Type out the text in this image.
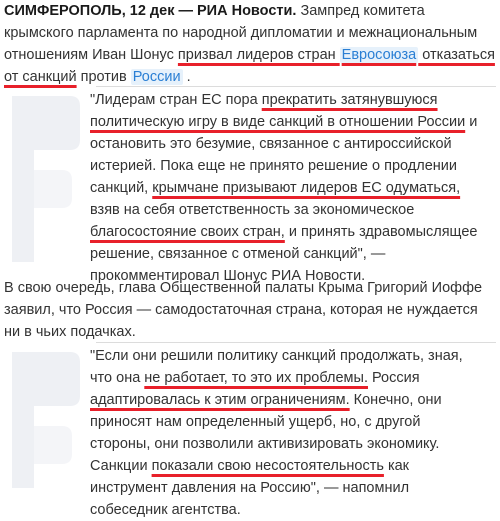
СИМФЕРОПОЛЬ, 12 дек — РИА Новости. Зампред комитета крымского парламента по народной дипломатии и межнациональным отношениям Иван Шонус призвал лидеров стран Евросоюза отказаться от санкций против России .
"Лидерам стран ЕС пора прекратить затянувшуюся политическую игру в виде санкций в отношении России и остановить это безумие, связанное с антироссийской истерией. Пока еще не принято решение о продлении санкций, крымчане призывают лидеров ЕС одуматься, взяв на себя ответственность за экономическое благосостояние своих стран, и принять здравомыслящее решение, связанное с отменой санкций", — прокомментировал Шонус РИА Новости.
В свою очередь, глава Общественной палаты Крыма Григорий Иоффе заявил, что Россия — самодостаточная страна, которая не нуждается ни в чьих подачках.
"Если они решили политику санкций продолжать, зная, что она не работает, то это их проблемы. Россия адаптировалась к этим ограничениям. Конечно, они приносят нам определенный ущерб, но, с другой стороны, они позволили активизировать экономику. Санкции показали свою несостоятельность как инструмент давления на Россию", — напомнил собеседник агентства.
